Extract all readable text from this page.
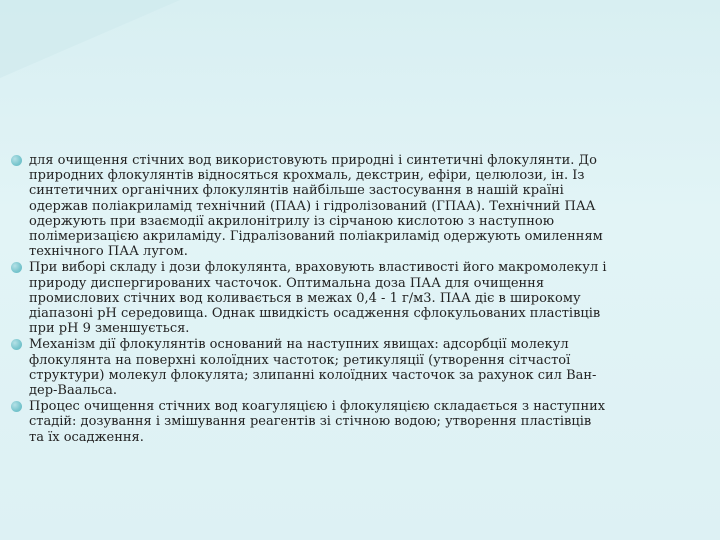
для очищення стічних вод використовують природні і синтетичні флокулянти. До природних флокулянтів відносяться крохмаль, декстрин, ефіри, целюлози, ін. Із синтетичних органічних флокулянтів найбільше застосування в нашій країні одержав поліакриламід технічний (ПАА) і гідролізований (ГПАА). Технічний ПАА одержують при взаємодії акрилонітрилу із сірчаною кислотою з наступною полімеризацією акриламіду. Гідралізований поліакриламід одержують омиленням технічного ПАА лугом.
При виборі складу і дози флокулянта, враховують властивості його макромолекул і природу диспергированих часточок. Оптимальна доза ПАА для очищення промислових стічних вод коливається в межах 0,4 - 1 г/м3. ПАА діє в широкому діапазоні рН середовища. Однак швидкість осадження сфлокульованих пластівців при рН 9 зменшується.
Механізм дії флокулянтів оснований на наступних явищах: адсорбції молекул флокулянта на поверхні колоїдних частоток; ретикуляції (утворення сітчастої структури) молекул флокулята; злипанні колоїдних часточок за рахунок сил Ван-дер-Ваальса.
Процес очищення стічних вод коагуляцією і флокуляцією складається з наступних стадій: дозування і змішування реагентів зі стічною водою; утворення пластівців та їх осадження.
